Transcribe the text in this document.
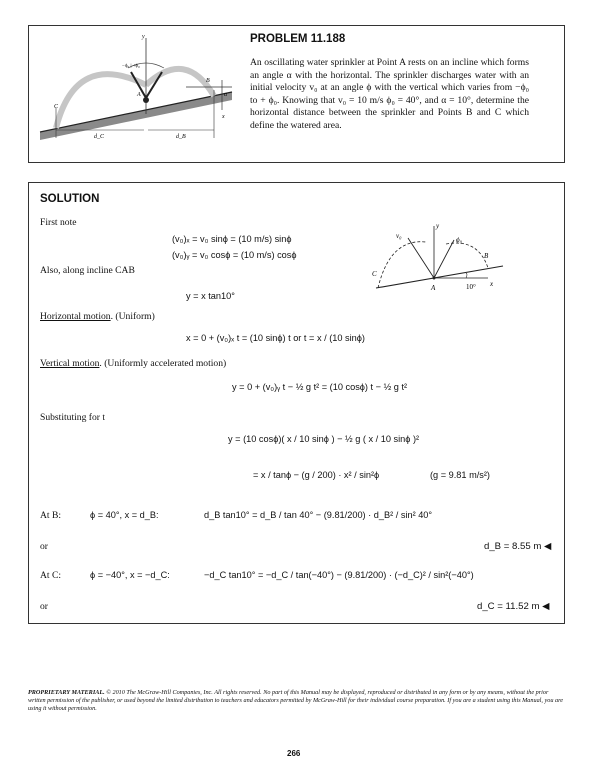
y
−ϕ₀ | +ϕ₀
A
B
C
α
x
d_C	d_B
PROBLEM 11.188
An oscillating water sprinkler at Point A rests on an incline which forms an angle α with the horizontal. The sprinkler discharges water with an initial velocity v₀ at an angle ϕ with the vertical which varies from −ϕ₀ to + ϕ₀. Knowing that v₀ = 10 m/s ϕ₀ = 40°, and α = 10°, determine the horizontal distance between the sprinkler and Points B and C which define the watered area.
SOLUTION
First note
(v₀)ₓ = v₀ sinϕ = (10 m/s) sinϕ
(v₀)ᵧ = v₀ cosϕ = (10 m/s) cosϕ
Also, along incline CAB
v₀
y
ϕ₀
B
C
A	10° x
y = x tan10°
Horizontal motion. (Uniform)
x = 0 + (v₀)ₓ t = (10 sinϕ) t or t = x / (10 sinϕ)
Vertical motion. (Uniformly accelerated motion)
y = 0 + (v₀)ᵧ t − ½ g t² = (10 cosϕ) t − ½ g t²
Substituting for t
y = (10 cosϕ)( x / 10 sinϕ ) − ½ g ( x / 10 sinϕ )²
= x / tanϕ − (g / 200) · x² / sin²ϕ	(g = 9.81 m/s²)
At B:	ϕ = 40°, x = d_B:	d_B tan10° = d_B / tan 40° − (9.81/200) · d_B² / sin² 40°
or	d_B = 8.55 m ◀
At C:	ϕ = −40°, x = −d_C:	−d_C tan10° = −d_C / tan(−40°) − (9.81/200) · (−d_C)² / sin²(−40°)
or	d_C = 11.52 m ◀
PROPRIETARY MATERIAL. © 2010 The McGraw-Hill Companies, Inc. All rights reserved. No part of this Manual may be displayed, reproduced or distributed in any form or by any means, without the prior written permission of the publisher, or used beyond the limited distribution to teachers and educators permitted by McGraw-Hill for their individual course preparation. If you are a student using this Manual, you are using it without permission.
266
